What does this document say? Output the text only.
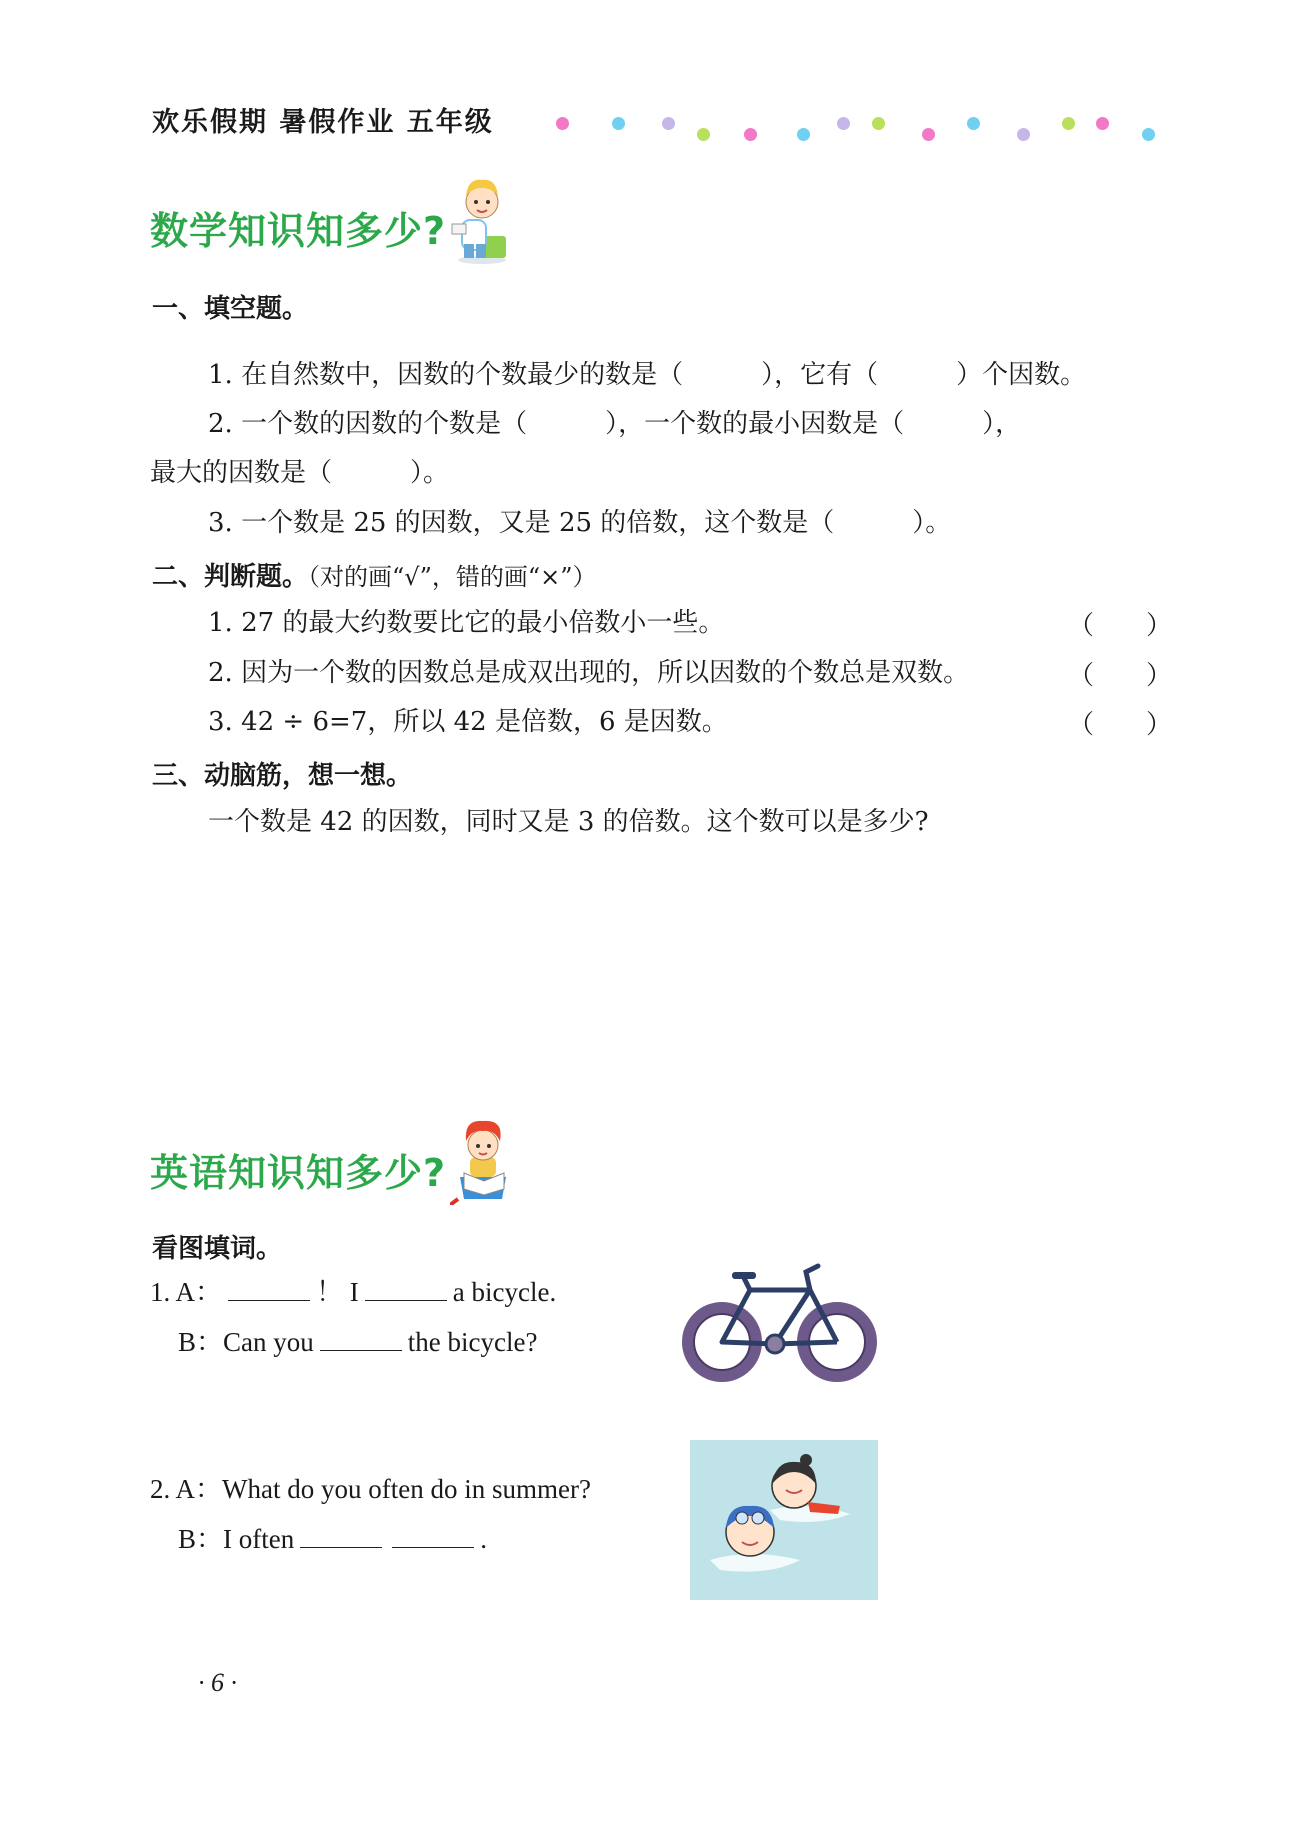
欢乐假期 暑假作业 五年级
数学知识知多少?
一、填空题。
1. 在自然数中，因数的个数最少的数是（　　　），它有（　　　）个因数。
2. 一个数的因数的个数是（　　　），一个数的最小因数是（　　　），
最大的因数是（　　　）。
3. 一个数是 25 的因数，又是 25 的倍数，这个数是（　　　）。
二、判断题。（对的画“√”，错的画“×”）
1. 27 的最大约数要比它的最小倍数小一些。	（　　）
2. 因为一个数的因数总是成双出现的，所以因数的个数总是双数。	（　　）
3. 42 ÷ 6=7，所以 42 是倍数，6 是因数。	（　　）
三、动脑筋，想一想。
一个数是 42 的因数，同时又是 3 的倍数。这个数可以是多少?
英语知识知多少?
看图填词。
1. A：	！ I	a bicycle.
B：Can you	the bicycle?
2. A：What do you often do in summer?
B：I often	.
· 6 ·
